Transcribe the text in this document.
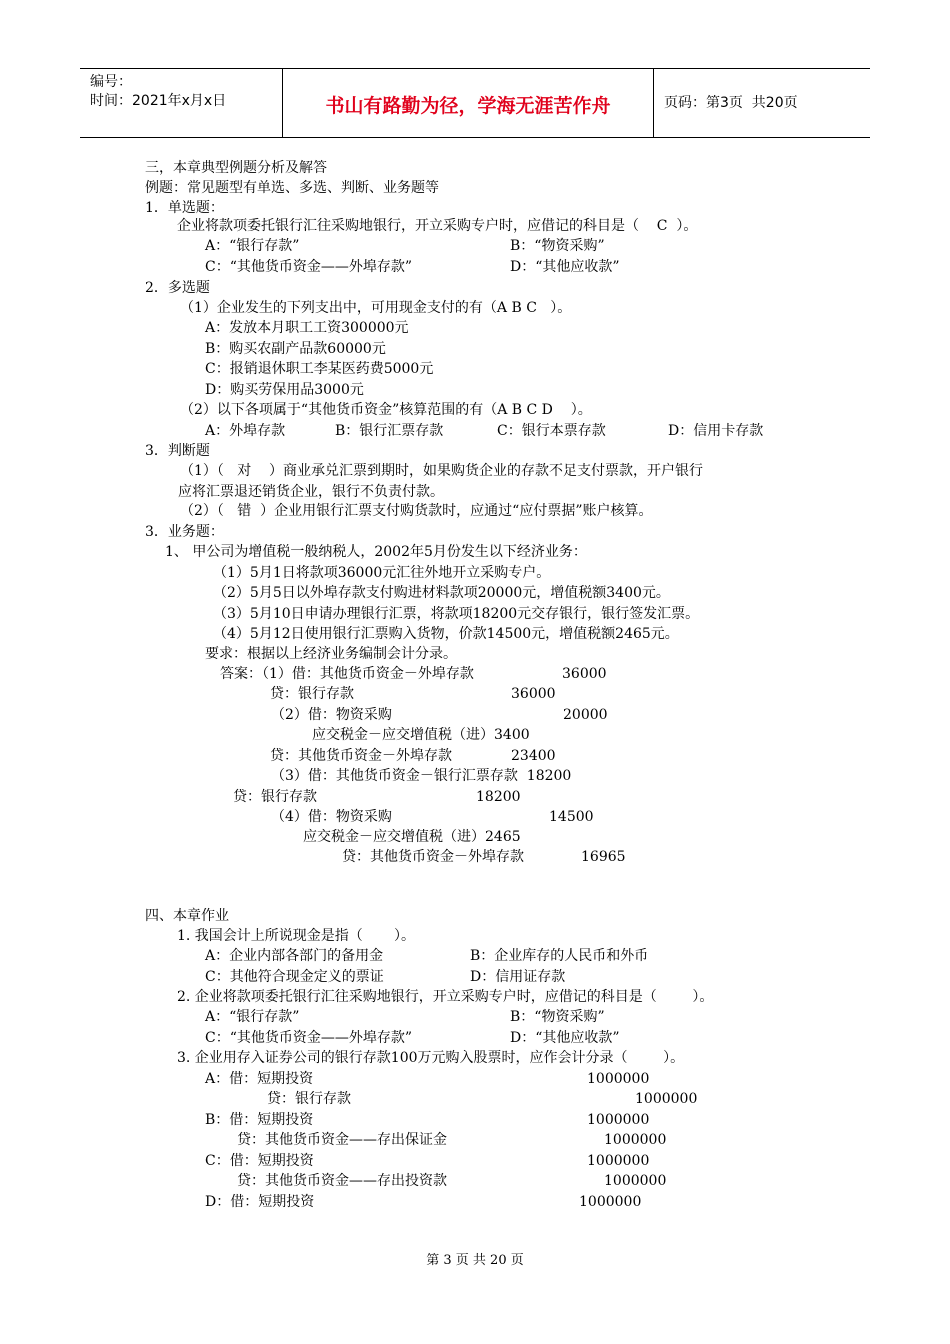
编号：
时间：2021年x月x日	书山有路勤为径，学海无涯苦作舟	页码：第3页  共20页
三，本章典型例题分析及解答
例题：常见题型有单选、多选、判断、业务题等
1．单选题：
企业将款项委托银行汇往采购地银行，开立采购专户时，应借记的科目是（    C  ）。
A：“银行存款”	B：“物资采购”
C：“其他货币资金——外埠存款”	D：“其他应收款”
2．多选题
（1）企业发生的下列支出中，可用现金支付的有（A B C   ）。
A：发放本月职工工资300000元
B：购买农副产品款60000元
C：报销退休职工李某医药费5000元
D：购买劳保用品3000元
（2）以下各项属于“其他货币资金”核算范围的有（A B C D    ）。
A：外埠存款	B：银行汇票存款	C：银行本票存款	D：信用卡存款
3．判断题
（1）（   对    ）商业承兑汇票到期时，如果购货企业的存款不足支付票款，开户银行
应将汇票退还销货企业，银行不负责付款。
（2）（   错  ）企业用银行汇票支付购货款时，应通过“应付票据”账户核算。
3．业务题：
1、 甲公司为增值税一般纳税人，2002年5月份发生以下经济业务：
（1）5月1日将款项36000元汇往外地开立采购专户。
（2）5月5日以外埠存款支付购进材料款项20000元，增值税额3400元。
（3）5月10日申请办理银行汇票，将款项18200元交存银行，银行签发汇票。
（4）5月12日使用银行汇票购入货物，价款14500元，增值税额2465元。
要求：根据以上经济业务编制会计分录。
答案：（1）借：其他货币资金－外埠存款	36000
贷：银行存款	36000
（2）借：物资采购	20000
应交税金－应交增值税（进）3400
贷：其他货币资金－外埠存款	23400
（3）借：其他货币资金－银行汇票存款  18200
贷：银行存款	18200
（4）借：物资采购	14500
应交税金－应交增值税（进）2465
贷：其他货币资金－外埠存款	16965
四、本章作业
1. 我国会计上所说现金是指（       ）。
A：企业内部各部门的备用金	B：企业库存的人民币和外币
C：其他符合现金定义的票证	D：信用证存款
2. 企业将款项委托银行汇往采购地银行，开立采购专户时，应借记的科目是（        ）。
A：“银行存款”	B：“物资采购”
C：“其他货币资金——外埠存款”	D：“其他应收款”
3. 企业用存入证券公司的银行存款100万元购入股票时，应作会计分录（        ）。
A：借：短期投资	1000000
贷：银行存款	1000000
B：借：短期投资	1000000
贷：其他货币资金——存出保证金	1000000
C：借：短期投资	1000000
贷：其他货币资金——存出投资款	1000000
D：借：短期投资	1000000
第 3 页 共 20 页
